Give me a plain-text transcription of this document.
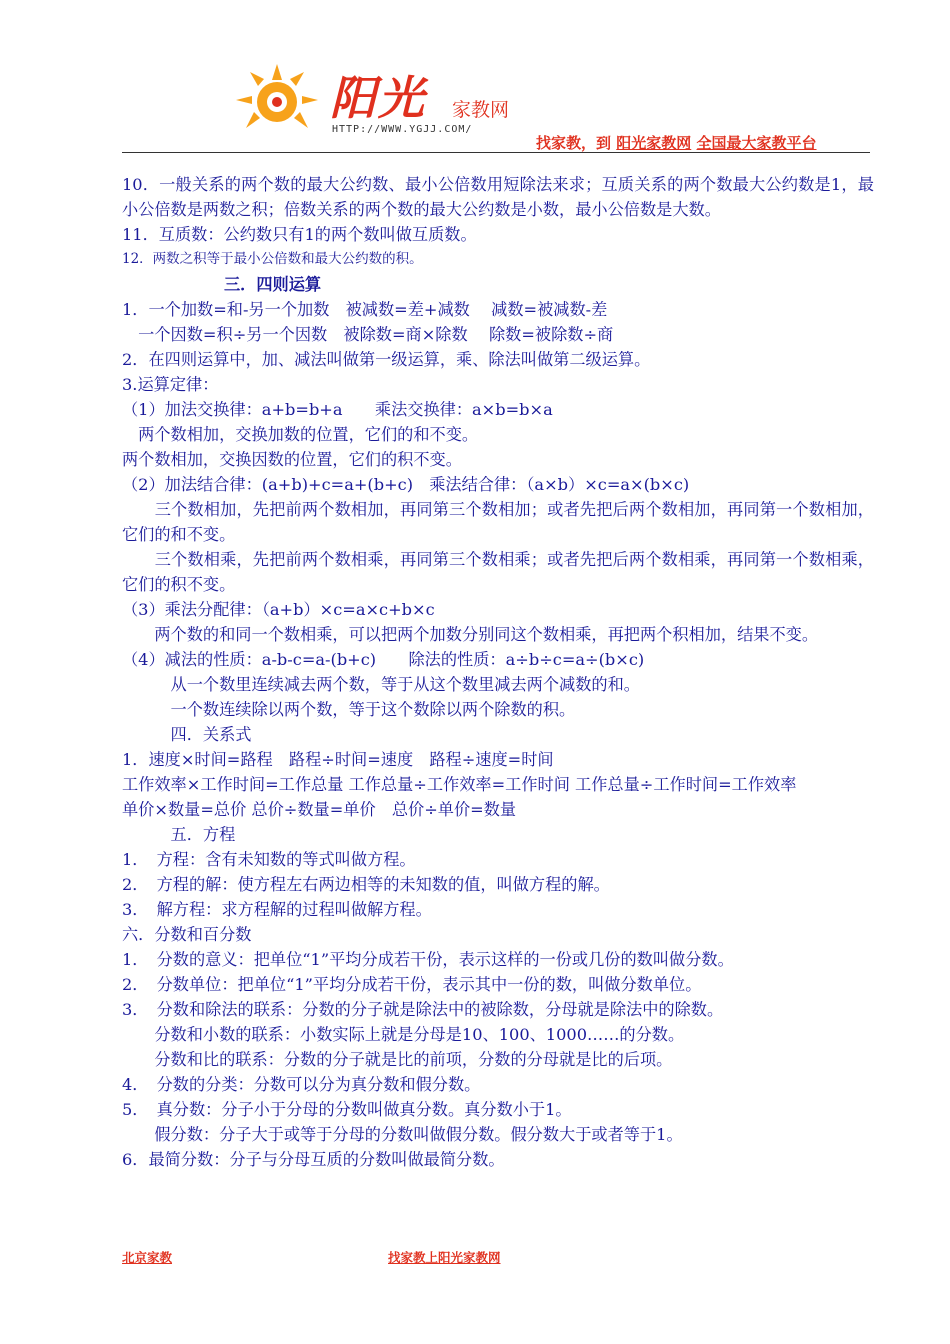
阳光 家教网
HTTP://WWW.YGJJ.COM/
找家教，到 阳光家教网 全国最大家教平台

10．一般关系的两个数的最大公约数、最小公倍数用短除法来求；互质关系的两个数最大公约数是1，最小公倍数是两数之积；倍数关系的两个数的最大公约数是小数，最小公倍数是大数。

11．互质数：公约数只有1的两个数叫做互质数。

12．两数之积等于最小公倍数和最大公约数的积。

三．四则运算

1．一个加数=和-另一个加数　被减数=差+减数　 减数=被减数-差

　一个因数=积÷另一个因数　被除数=商×除数　 除数=被除数÷商

2．在四则运算中，加、减法叫做第一级运算，乘、除法叫做第二级运算。

3.运算定律：

（1）加法交换律：a+b=b+a　　乘法交换律：a×b=b×a

　两个数相加，交换加数的位置，它们的和不变。

两个数相加，交换因数的位置，它们的积不变。

（2）加法结合律：(a+b)+c=a+(b+c)　乘法结合律：（a×b）×c=a×(b×c)

　　三个数相加，先把前两个数相加，再同第三个数相加；或者先把后两个数相加，再同第一个数相加，它们的和不变。

　　三个数相乘，先把前两个数相乘，再同第三个数相乘；或者先把后两个数相乘，再同第一个数相乘，它们的积不变。

（3）乘法分配律：（a+b）×c=a×c+b×c

　　两个数的和同一个数相乘，可以把两个加数分别同这个数相乘，再把两个积相加，结果不变。

（4）减法的性质：a-b-c=a-(b+c)　　除法的性质：a÷b÷c=a÷(b×c)

　　　从一个数里连续减去两个数，等于从这个数里减去两个减数的和。

　　　一个数连续除以两个数，等于这个数除以两个除数的积。

　　　四．关系式

1．速度×时间=路程　路程÷时间=速度　路程÷速度=时间

工作效率×工作时间=工作总量 工作总量÷工作效率=工作时间 工作总量÷工作时间=工作效率

单价×数量=总价 总价÷数量=单价　总价÷单价=数量

　　　五．方程

1．　方程：含有未知数的等式叫做方程。

2．　方程的解：使方程左右两边相等的未知数的值，叫做方程的解。

3．　解方程：求方程解的过程叫做解方程。

六．分数和百分数

1．　分数的意义：把单位“1”平均分成若干份，表示这样的一份或几份的数叫做分数。

2．　分数单位：把单位“1”平均分成若干份，表示其中一份的数，叫做分数单位。

3．　分数和除法的联系：分数的分子就是除法中的被除数，分母就是除法中的除数。

　　分数和小数的联系：小数实际上就是分母是10、100、1000……的分数。

　　分数和比的联系：分数的分子就是比的前项，分数的分母就是比的后项。

4．　分数的分类：分数可以分为真分数和假分数。

5．　真分数：分子小于分母的分数叫做真分数。真分数小于1。

　　假分数：分子大于或等于分母的分数叫做假分数。假分数大于或者等于1。

6．最简分数：分子与分母互质的分数叫做最简分数。

北京家教	找家教上阳光家教网
